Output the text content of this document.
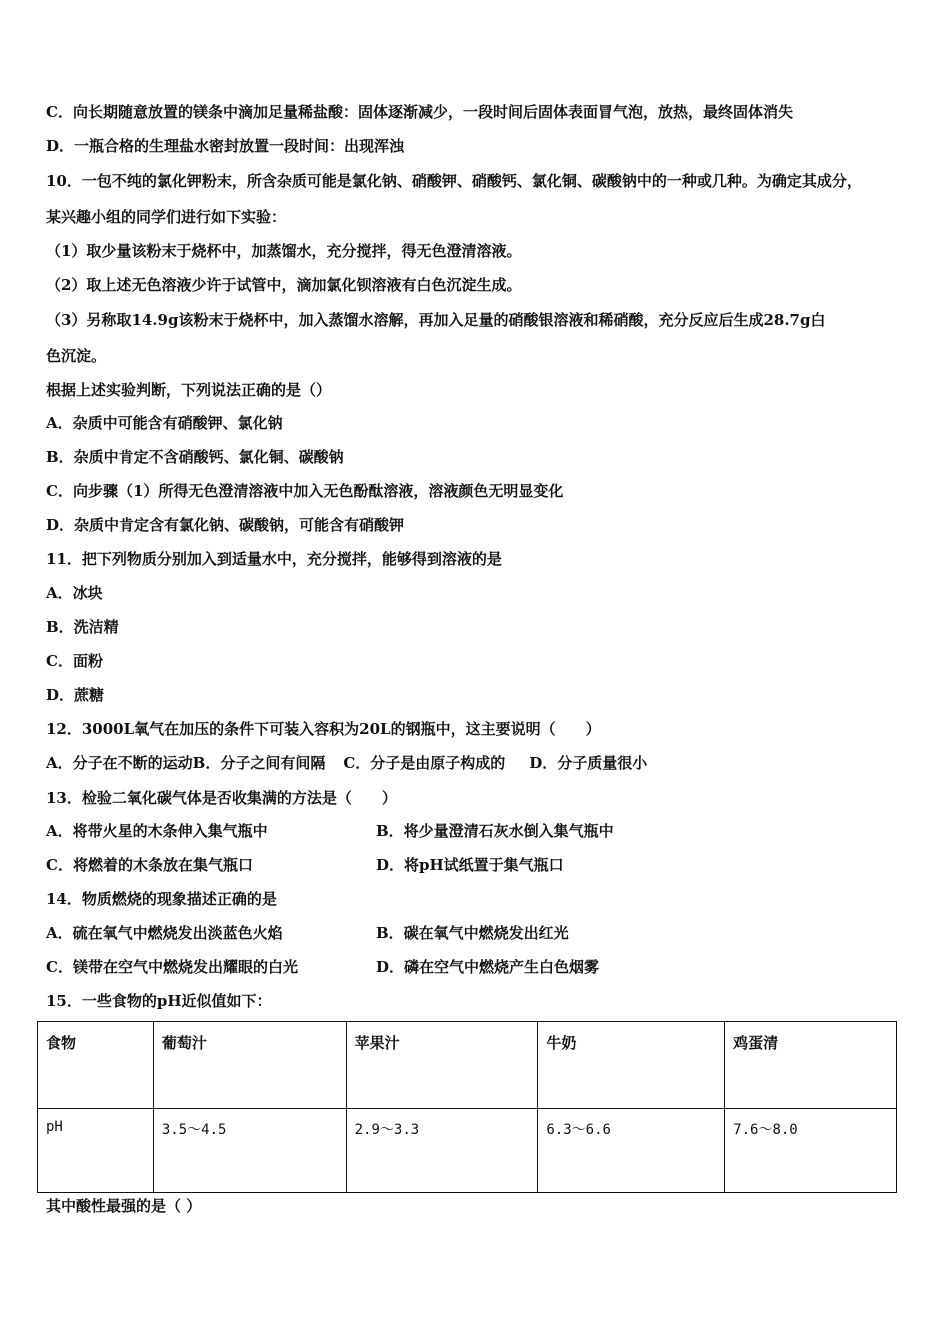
C．向长期随意放置的镁条中滴加足量稀盐酸：固体逐渐减少，一段时间后固体表面冒气泡，放热，最终固体消失
D．一瓶合格的生理盐水密封放置一段时间：出现浑浊
10．一包不纯的氯化钾粉末，所含杂质可能是氯化钠、硝酸钾、硝酸钙、氯化铜、碳酸钠中的一种或几种。为确定其成分，
某兴趣小组的同学们进行如下实验：
（1）取少量该粉末于烧杯中，加蒸馏水，充分搅拌，得无色澄清溶液。
（2）取上述无色溶液少许于试管中，滴加氯化钡溶液有白色沉淀生成。
（3）另称取14.9g该粉末于烧杯中，加入蒸馏水溶解，再加入足量的硝酸银溶液和稀硝酸，充分反应后生成28.7g白
色沉淀。
根据上述实验判断，下列说法正确的是（）
A．杂质中可能含有硝酸钾、氯化钠
B．杂质中肯定不含硝酸钙、氯化铜、碳酸钠
C．向步骤（1）所得无色澄清溶液中加入无色酚酞溶液，溶液颜色无明显变化
D．杂质中肯定含有氯化钠、碳酸钠，可能含有硝酸钾
11．把下列物质分别加入到适量水中，充分搅拌，能够得到溶液的是
A．冰块
B．洗洁精
C．面粉
D．蔗糖
12．3000L氧气在加压的条件下可装入容积为20L的钢瓶中，这主要说明（　　）
A．分子在不断的运动B．分子之间有间隔 C．分子是由原子构成的 D．分子质量很小
13．检验二氧化碳气体是否收集满的方法是（　　）
A．将带火星的木条伸入集气瓶中	B．将少量澄清石灰水倒入集气瓶中
C．将燃着的木条放在集气瓶口	D．将pH试纸置于集气瓶口
14．物质燃烧的现象描述正确的是
A．硫在氧气中燃烧发出淡蓝色火焰	B．碳在氧气中燃烧发出红光
C．镁带在空气中燃烧发出耀眼的白光	D．磷在空气中燃烧产生白色烟雾
15．一些食物的pH近似值如下：
食物	葡萄汁	苹果汁	牛奶	鸡蛋清
pH	3.5～4.5	2.9～3.3	6.3～6.6	7.6～8.0
其中酸性最强的是（ ）
